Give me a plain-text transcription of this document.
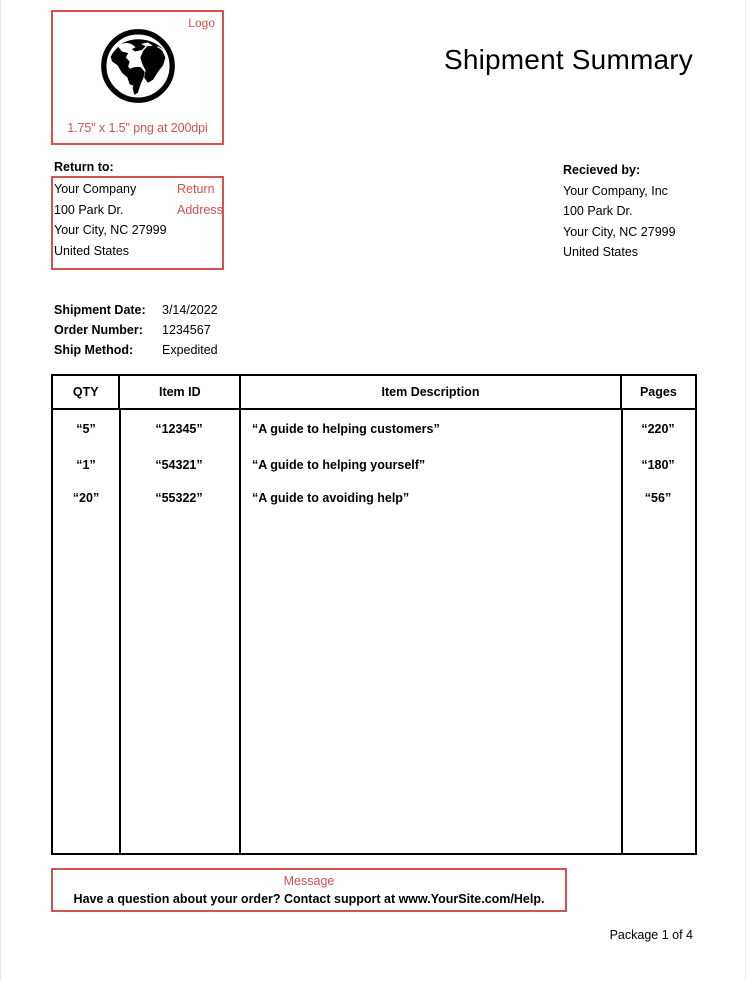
Logo
1.75" x 1.5" png at 200dpi
Shipment Summary
Return to:
Your Company
100 Park Dr.
Your City, NC 27999
United States
Return
Address
Recieved by:
Your Company, Inc
100 Park Dr.
Your City, NC 27999
United States
Shipment Date:	3/14/2022
Order Number:	1234567
Ship Method:	Expedited
QTY	Item ID	Item Description	Pages
“5”	“12345”	“A guide to helping customers”	“220”
“1”	“54321”	“A guide to helping yourself”	“180”
“20”	“55322”	“A guide to avoiding help”	“56”
Message
Have a question about your order? Contact support at www.YourSite.com/Help.
Package 1 of 4
